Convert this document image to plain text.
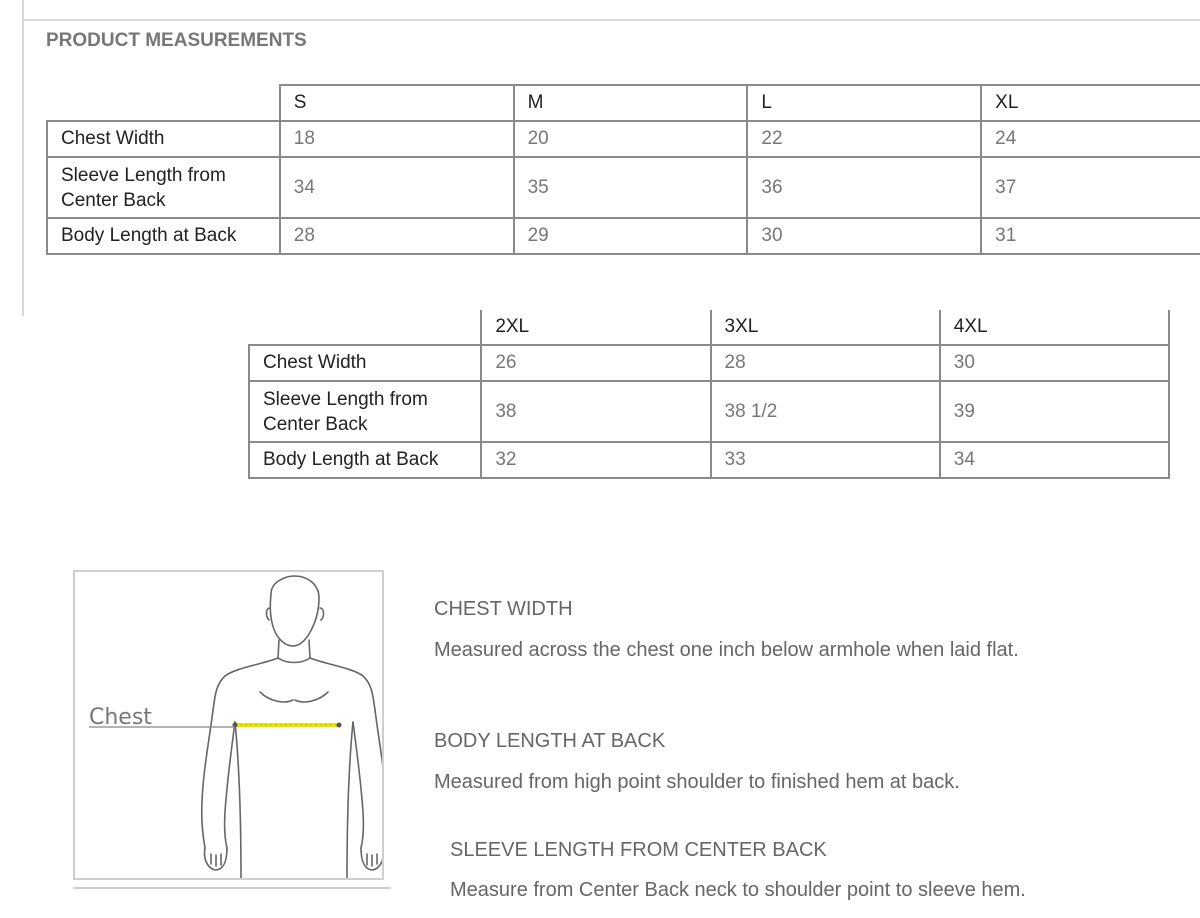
PRODUCT MEASUREMENTS
	S	M	L	XL
Chest Width	18	20	22	24
Sleeve Length from
Center Back	34	35	36	37
Body Length at Back	28	29	30	31
	2XL	3XL	4XL
Chest Width	26	28	30
Sleeve Length from
Center Back	38	38 1/2	39
Body Length at Back	32	33	34
Chest
CHEST WIDTH
Measured across the chest one inch below armhole when laid flat.
BODY LENGTH AT BACK
Measured from high point shoulder to finished hem at back.
SLEEVE LENGTH FROM CENTER BACK
Measure from Center Back neck to shoulder point to sleeve hem.
